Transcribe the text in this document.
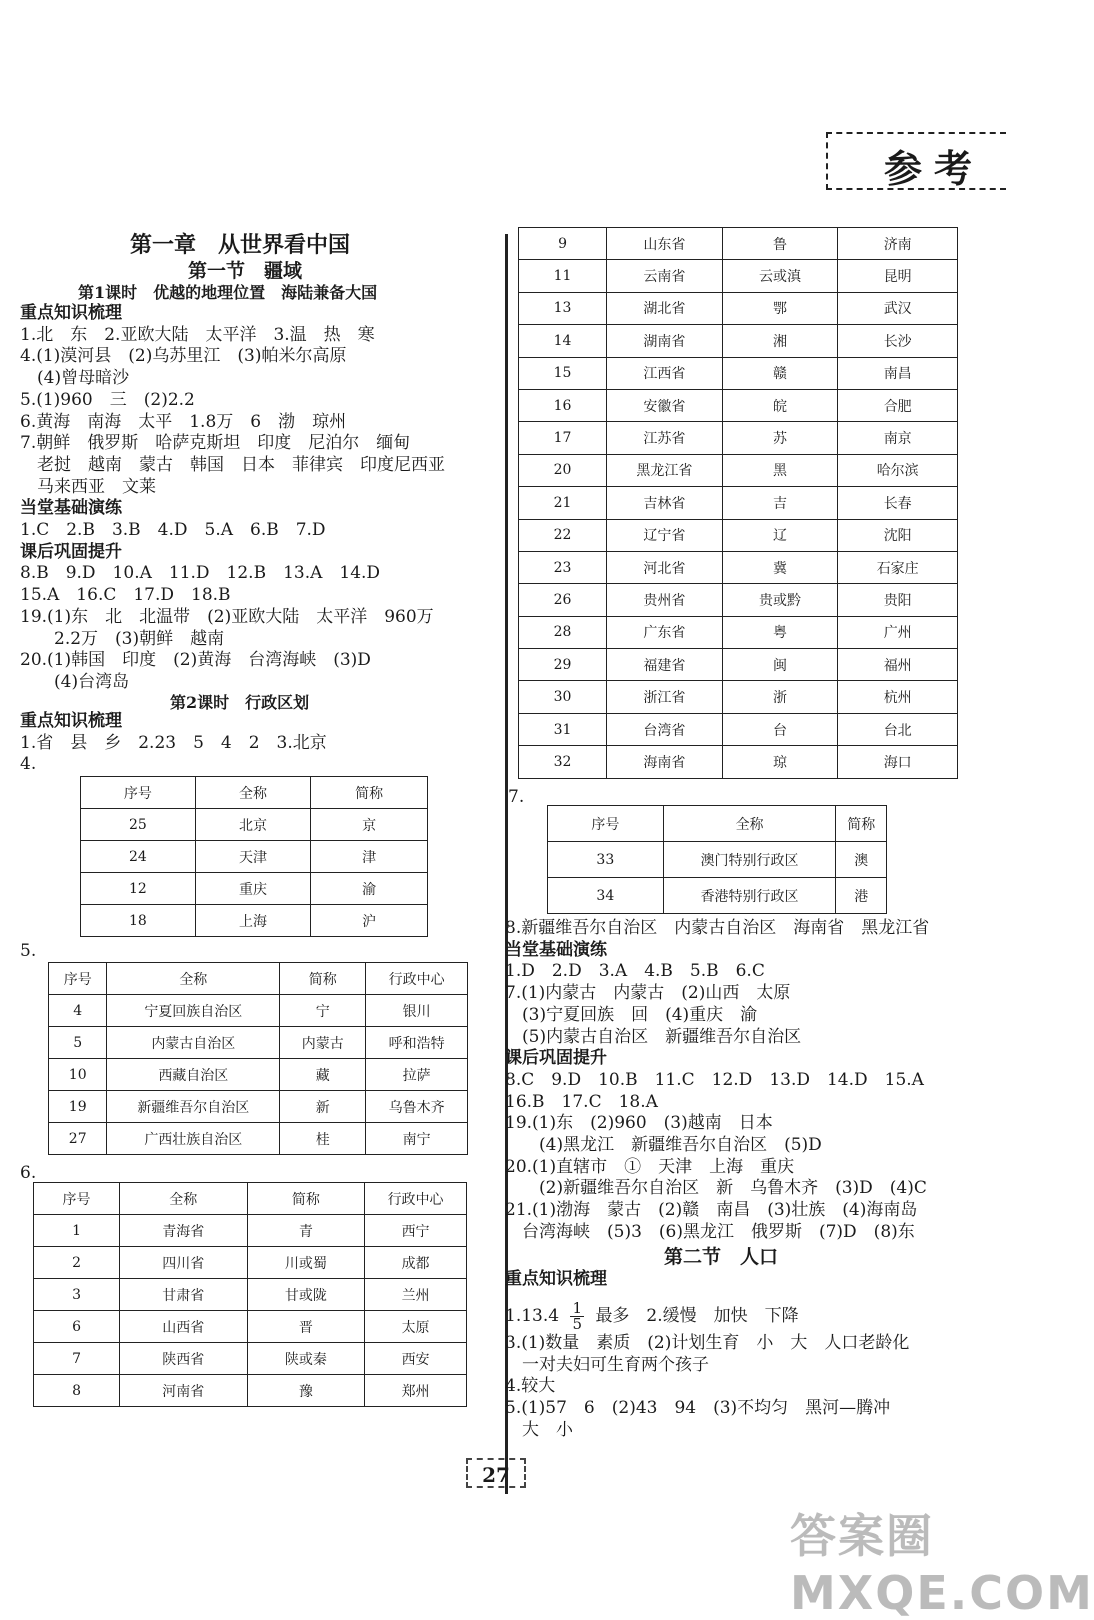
参考
第一章　从世界看中国
第一节　疆域
第1课时　优越的地理位置　海陆兼备大国
重点知识梳理
1.北　东　2.亚欧大陆　太平洋　3.温　热　寒
4.(1)漠河县　(2)乌苏里江　(3)帕米尔高原
　(4)曾母暗沙
5.(1)960　三　(2)2.2
6.黄海　南海　太平　1.8万　6　渤　琼州
7.朝鲜　俄罗斯　哈萨克斯坦　印度　尼泊尔　缅甸
　老挝　越南　蒙古　韩国　日本　菲律宾　印度尼西亚
　马来西亚　文莱
当堂基础演练
1.C　2.B　3.B　4.D　5.A　6.B　7.D
课后巩固提升
8.B　9.D　10.A　11.D　12.B　13.A　14.D
15.A　16.C　17.D　18.B
19.(1)东　北　北温带　(2)亚欧大陆　太平洋　960万
　　2.2万　(3)朝鲜　越南
20.(1)韩国　印度　(2)黄海　台湾海峡　(3)D
　　(4)台湾岛
第2课时　行政区划
重点知识梳理
1.省　县　乡　2.23　5　4　2　3.北京
4.
序号	全称	简称
25	北京	京
24	天津	津
12	重庆	渝
18	上海	沪
5.
序号	全称	简称	行政中心
4	宁夏回族自治区	宁	银川
5	内蒙古自治区	内蒙古	呼和浩特
10	西藏自治区	藏	拉萨
19	新疆维吾尔自治区	新	乌鲁木齐
27	广西壮族自治区	桂	南宁
6.
序号	全称	简称	行政中心
1	青海省	青	西宁
2	四川省	川或蜀	成都
3	甘肃省	甘或陇	兰州
6	山西省	晋	太原
7	陕西省	陕或秦	西安
8	河南省	豫	郑州
9	山东省	鲁	济南
11	云南省	云或滇	昆明
13	湖北省	鄂	武汉
14	湖南省	湘	长沙
15	江西省	赣	南昌
16	安徽省	皖	合肥
17	江苏省	苏	南京
20	黑龙江省	黑	哈尔滨
21	吉林省	吉	长春
22	辽宁省	辽	沈阳
23	河北省	冀	石家庄
26	贵州省	贵或黔	贵阳
28	广东省	粤	广州
29	福建省	闽	福州
30	浙江省	浙	杭州
31	台湾省	台	台北
32	海南省	琼	海口
7.
序号	全称	简称
33	澳门特别行政区	澳
34	香港特别行政区	港
8.新疆维吾尔自治区　内蒙古自治区　海南省　黑龙江省
当堂基础演练
1.D　2.D　3.A　4.B　5.B　6.C
7.(1)内蒙古　内蒙古　(2)山西　太原
　(3)宁夏回族　回　(4)重庆　渝
　(5)内蒙古自治区　新疆维吾尔自治区
课后巩固提升
8.C　9.D　10.B　11.C　12.D　13.D　14.D　15.A
16.B　17.C　18.A
19.(1)东　(2)960　(3)越南　日本
　　(4)黑龙江　新疆维吾尔自治区　(5)D
20.(1)直辖市　①　天津　上海　重庆
　　(2)新疆维吾尔自治区　新　乌鲁木齐　(3)D　(4)C
21.(1)渤海　蒙古　(2)赣　南昌　(3)壮族　(4)海南岛
　台湾海峡　(5)3　(6)黑龙江　俄罗斯　(7)D　(8)东
第二节　人口
重点知识梳理
$1.13.4 \frac{1}{5}$ 最多　2.缓慢　加快　下降
3.(1)数量　素质　(2)计划生育　小　大　人口老龄化
　一对夫妇可生育两个孩子
4.较大
5.(1)57　6　(2)43　94　(3)不均匀　黑河—腾冲
　大　小
27
答案圈 MXQE.COM
